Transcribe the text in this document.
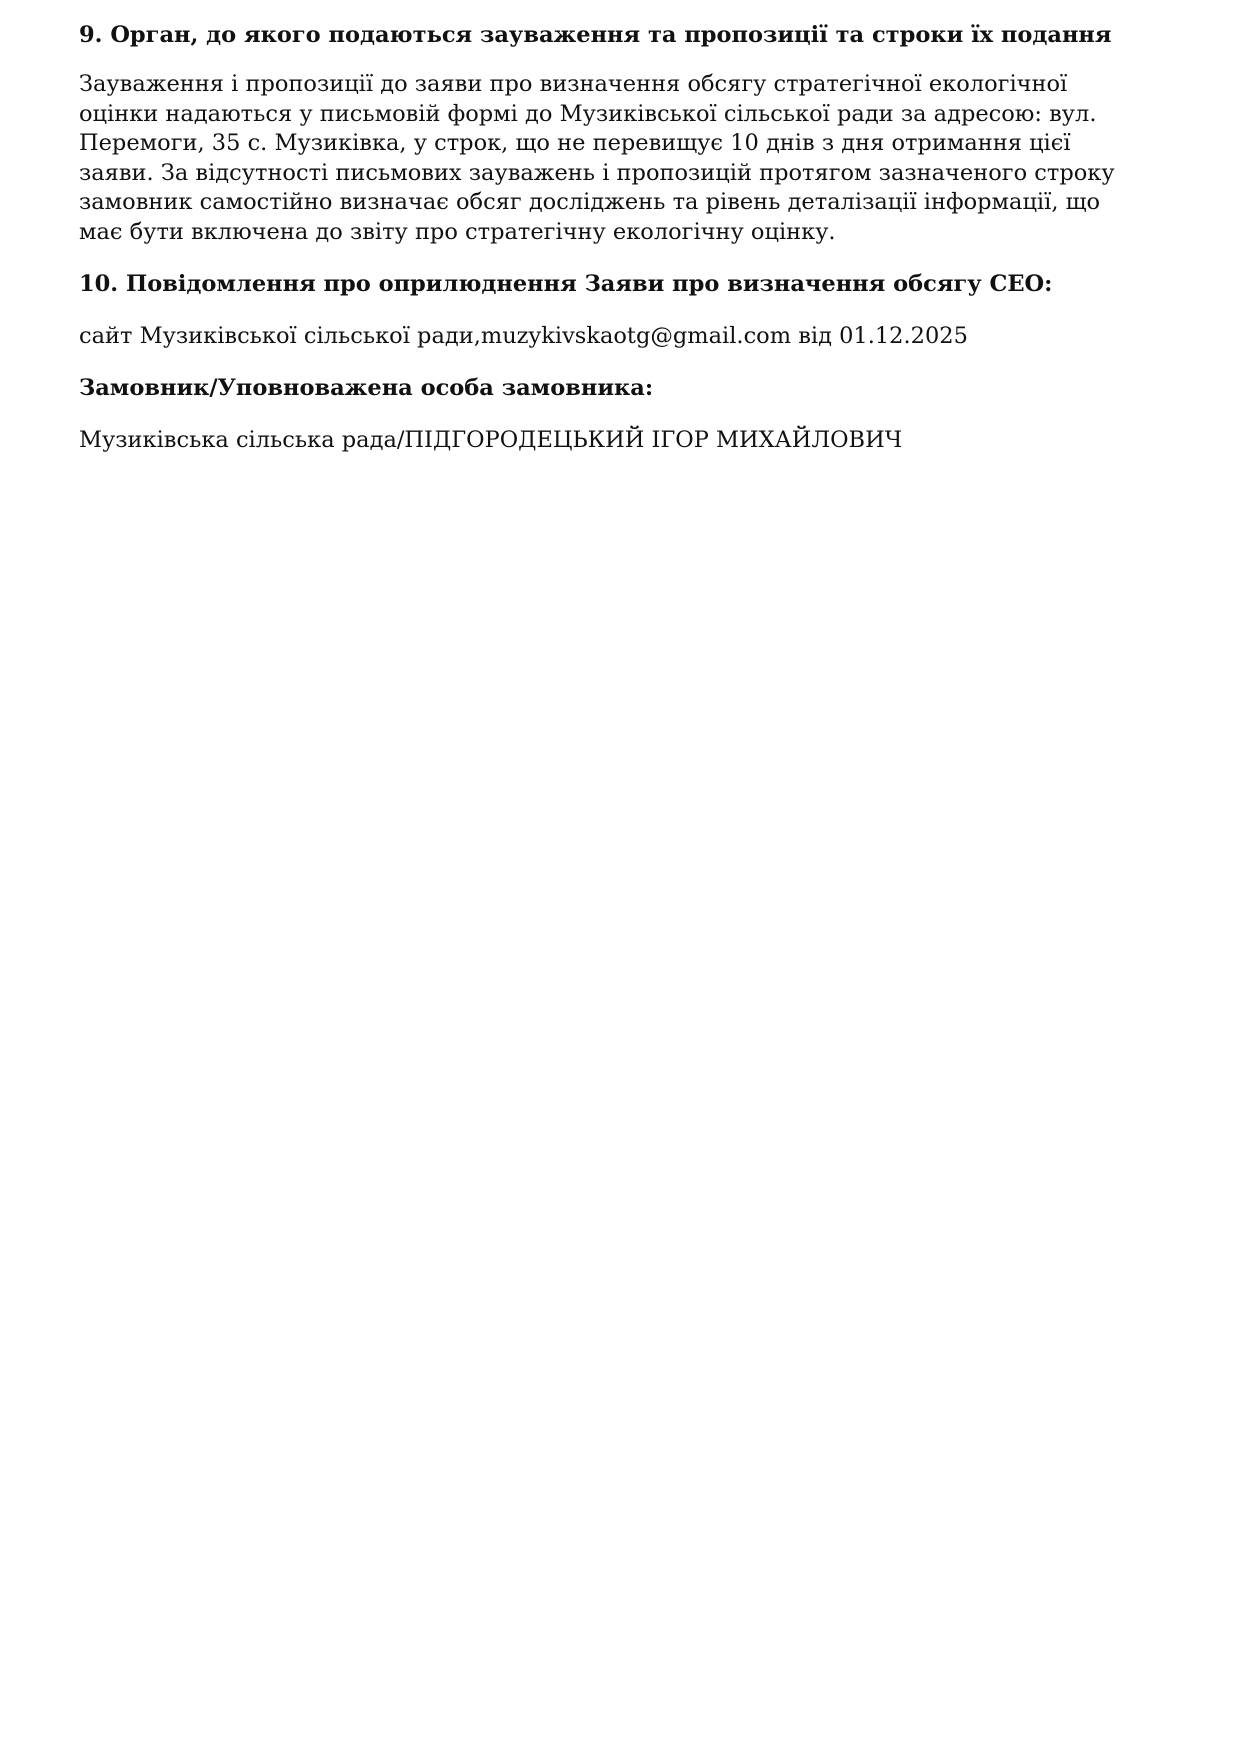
9. Орган, до якого подаються зауваження та пропозиції та строки їх подання

Зауваження і пропозиції до заяви про визначення обсягу стратегічної екологічної
оцінки надаються у письмовій формі до Музиківської сільської ради за адресою: вул.
Перемоги, 35 с. Музиківка, у строк, що не перевищує 10 днів з дня отримання цієї
заяви. За відсутності письмових зауважень і пропозицій протягом зазначеного строку
замовник самостійно визначає обсяг досліджень та рівень деталізації інформації, що
має бути включена до звіту про стратегічну екологічну оцінку.

10. Повідомлення про оприлюднення Заяви про визначення обсягу СЕО:

сайт Музиківської сільської ради,muzykivskaotg@gmail.com від 01.12.2025

Замовник/Уповноважена особа замовника:

Музиківська сільська рада/ПІДГОРОДЕЦЬКИЙ ІГОР МИХАЙЛОВИЧ
